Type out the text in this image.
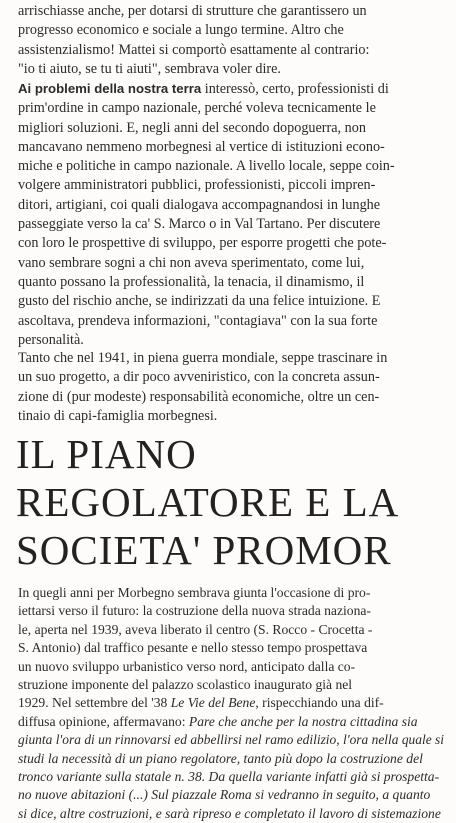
arrischiasse anche, per dotarsi di strutture che garantissero un
progresso economico e sociale a lungo termine. Altro che
assistenzialismo! Mattei si comportò esattamente al contrario:
"io ti aiuto, se tu ti aiuti", sembrava voler dire.
Ai problemi della nostra terra interessò, certo, professionisti di
prim'ordine in campo nazionale, perché voleva tecnicamente le
migliori soluzioni. E, negli anni del secondo dopoguerra, non
mancavano nemmeno morbegnesi al vertice di istituzioni econo-
miche e politiche in campo nazionale. A livello locale, seppe coin-
volgere amministratori pubblici, professionisti, piccoli impren-
ditori, artigiani, coi quali dialogava accompagnandosi in lunghe
passeggiate verso la ca' S. Marco o in Val Tartano. Per discutere
con loro le prospettive di sviluppo, per esporre progetti che pote-
vano sembrare sogni a chi non aveva sperimentato, come lui,
quanto possano la professionalità, la tenacia, il dinamismo, il
gusto del rischio anche, se indirizzati da una felice intuizione. E
ascoltava, prendeva informazioni, "contagiava" con la sua forte
personalità.
Tanto che nel 1941, in piena guerra mondiale, seppe trascinare in
un suo progetto, a dir poco avveniristico, con la concreta assun-
zione di (pur modeste) responsabilità economiche, oltre un cen-
tinaio di capi-famiglia morbegnesi.
IL PIANO
REGOLATORE E LA
SOCIETA' PROMOR
In quegli anni per Morbegno sembrava giunta l'occasione di pro-
iettarsi verso il futuro: la costruzione della nuova strada naziona-
le, aperta nel 1939, aveva liberato il centro (S. Rocco - Crocetta -
S. Antonio) dal traffico pesante e nello stesso tempo prospettava
un nuovo sviluppo urbanistico verso nord, anticipato dalla co-
struzione imponente del palazzo scolastico inaugurato già nel
1929. Nel settembre del '38 Le Vie del Bene, rispecchiando una dif-
diffusa opinione, affermavano: Pare che anche per la nostra cittadina sia
giunta l'ora di un rinnovarsi ed abbellirsi nel ramo edilizio, l'ora nella quale si
studi la necessità di un piano regolatore, tanto più dopo la costruzione del
tronco variante sulla statale n. 38. Da quella variante infatti già si prospetta-
no nuove abitazioni (...) Sul piazzale Roma si vedranno in seguito, a quanto
si dice, altre costruzioni, e sarà ripreso e completato il lavoro di sistemazione
